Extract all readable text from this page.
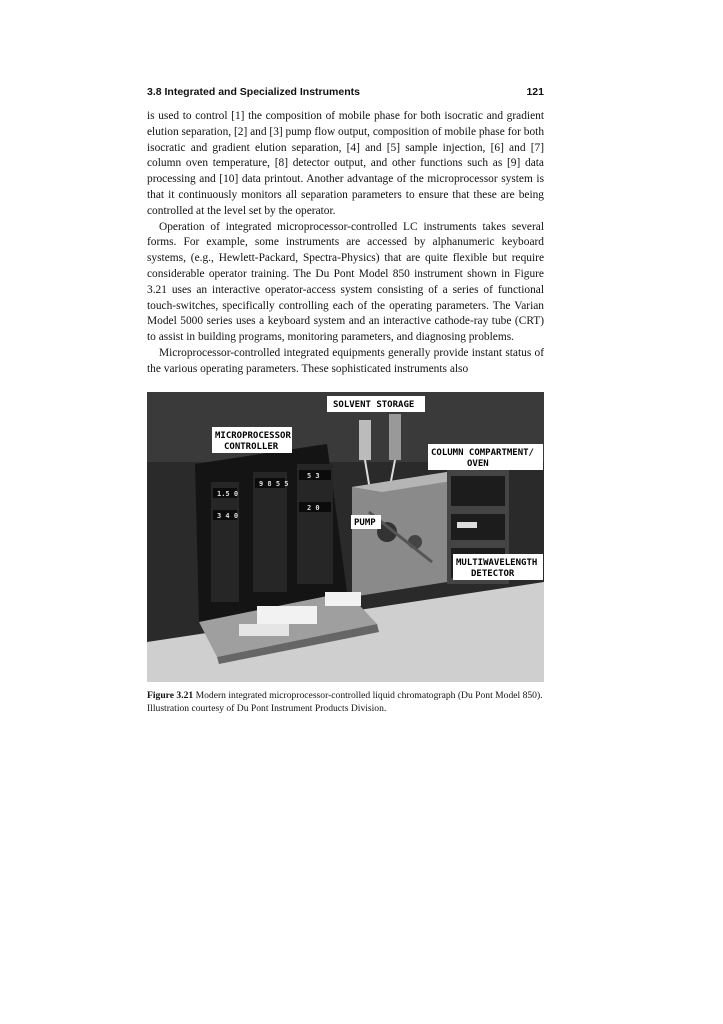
3.8 Integrated and Specialized Instruments	121

is used to control [1] the composition of mobile phase for both isocratic and gradient elution separation, [2] and [3] pump flow output, composition of mobile phase for both isocratic and gradient elution separation, [4] and [5] sample injection, [6] and [7] column oven temperature, [8] detector output, and other functions such as [9] data processing and [10] data printout. Another advantage of the microprocessor system is that it continuously monitors all separation parameters to ensure that these are being controlled at the level set by the operator.

Operation of integrated microprocessor-controlled LC instruments takes several forms. For example, some instruments are accessed by alphanumeric keyboard systems, (e.g., Hewlett-Packard, Spectra-Physics) that are quite flexible but require considerable operator training. The Du Pont Model 850 instrument shown in Figure 3.21 uses an interactive operator-access system consisting of a series of functional touch-switches, specifically controlling each of the operating parameters. The Varian Model 5000 series uses a keyboard system and an interactive cathode-ray tube (CRT) to assist in building programs, monitoring parameters, and diagnosing problems.

Microprocessor-controlled integrated equipments generally provide instant status of the various operating parameters. These sophisticated instruments also

1.5 0
9 8 5 5
3 4 0
5 3
2 0
SOLVENT STORAGE
MICROPROCESSOR
CONTROLLER
COLUMN COMPARTMENT/
OVEN
PUMP
MULTIWAVELENGTH
DETECTOR
Figure 3.21 Modern integrated microprocessor-controlled liquid chromatograph (Du Pont Model 850). Illustration courtesy of Du Pont Instrument Products Division.
